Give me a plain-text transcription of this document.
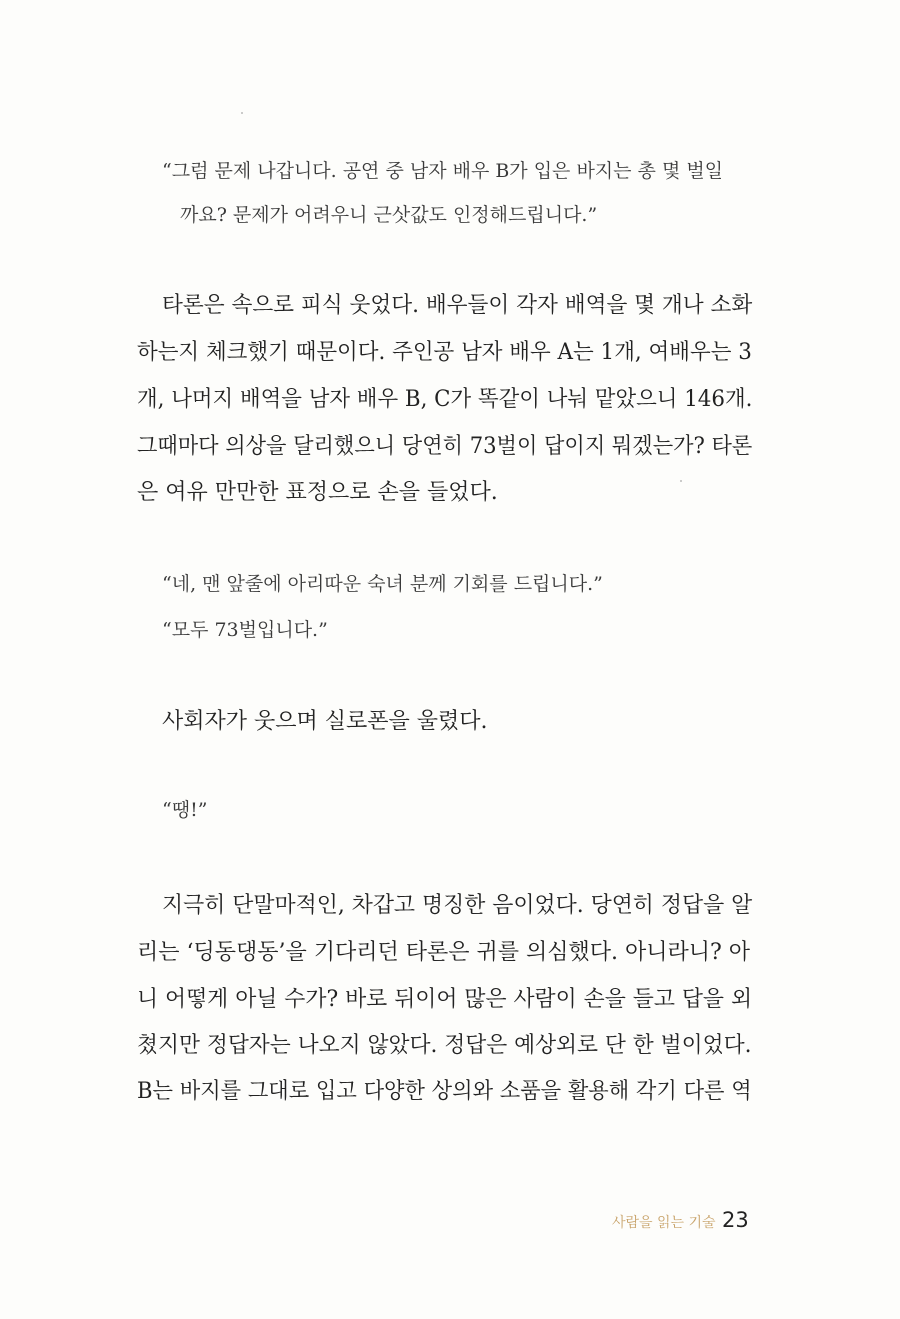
“그럼 문제 나갑니다. 공연 중 남자 배우 B가 입은 바지는 총 몇 벌일
까요? 문제가 어려우니 근삿값도 인정해드립니다.”
타론은 속으로 피식 웃었다. 배우들이 각자 배역을 몇 개나 소화
하는지 체크했기 때문이다. 주인공 남자 배우 A는 1개, 여배우는 3
개, 나머지 배역을 남자 배우 B, C가 똑같이 나눠 맡았으니 146개.
그때마다 의상을 달리했으니 당연히 73벌이 답이지 뭐겠는가? 타론
은 여유 만만한 표정으로 손을 들었다.
“네, 맨 앞줄에 아리따운 숙녀 분께 기회를 드립니다.”
“모두 73벌입니다.”
사회자가 웃으며 실로폰을 울렸다.
“땡!”
지극히 단말마적인, 차갑고 명징한 음이었다. 당연히 정답을 알
리는 ‘딩동댕동’을 기다리던 타론은 귀를 의심했다. 아니라니? 아
니 어떻게 아닐 수가? 바로 뒤이어 많은 사람이 손을 들고 답을 외
쳤지만 정답자는 나오지 않았다. 정답은 예상외로 단 한 벌이었다.
B는 바지를 그대로 입고 다양한 상의와 소품을 활용해 각기 다른 역
사람을 읽는 기술 23
